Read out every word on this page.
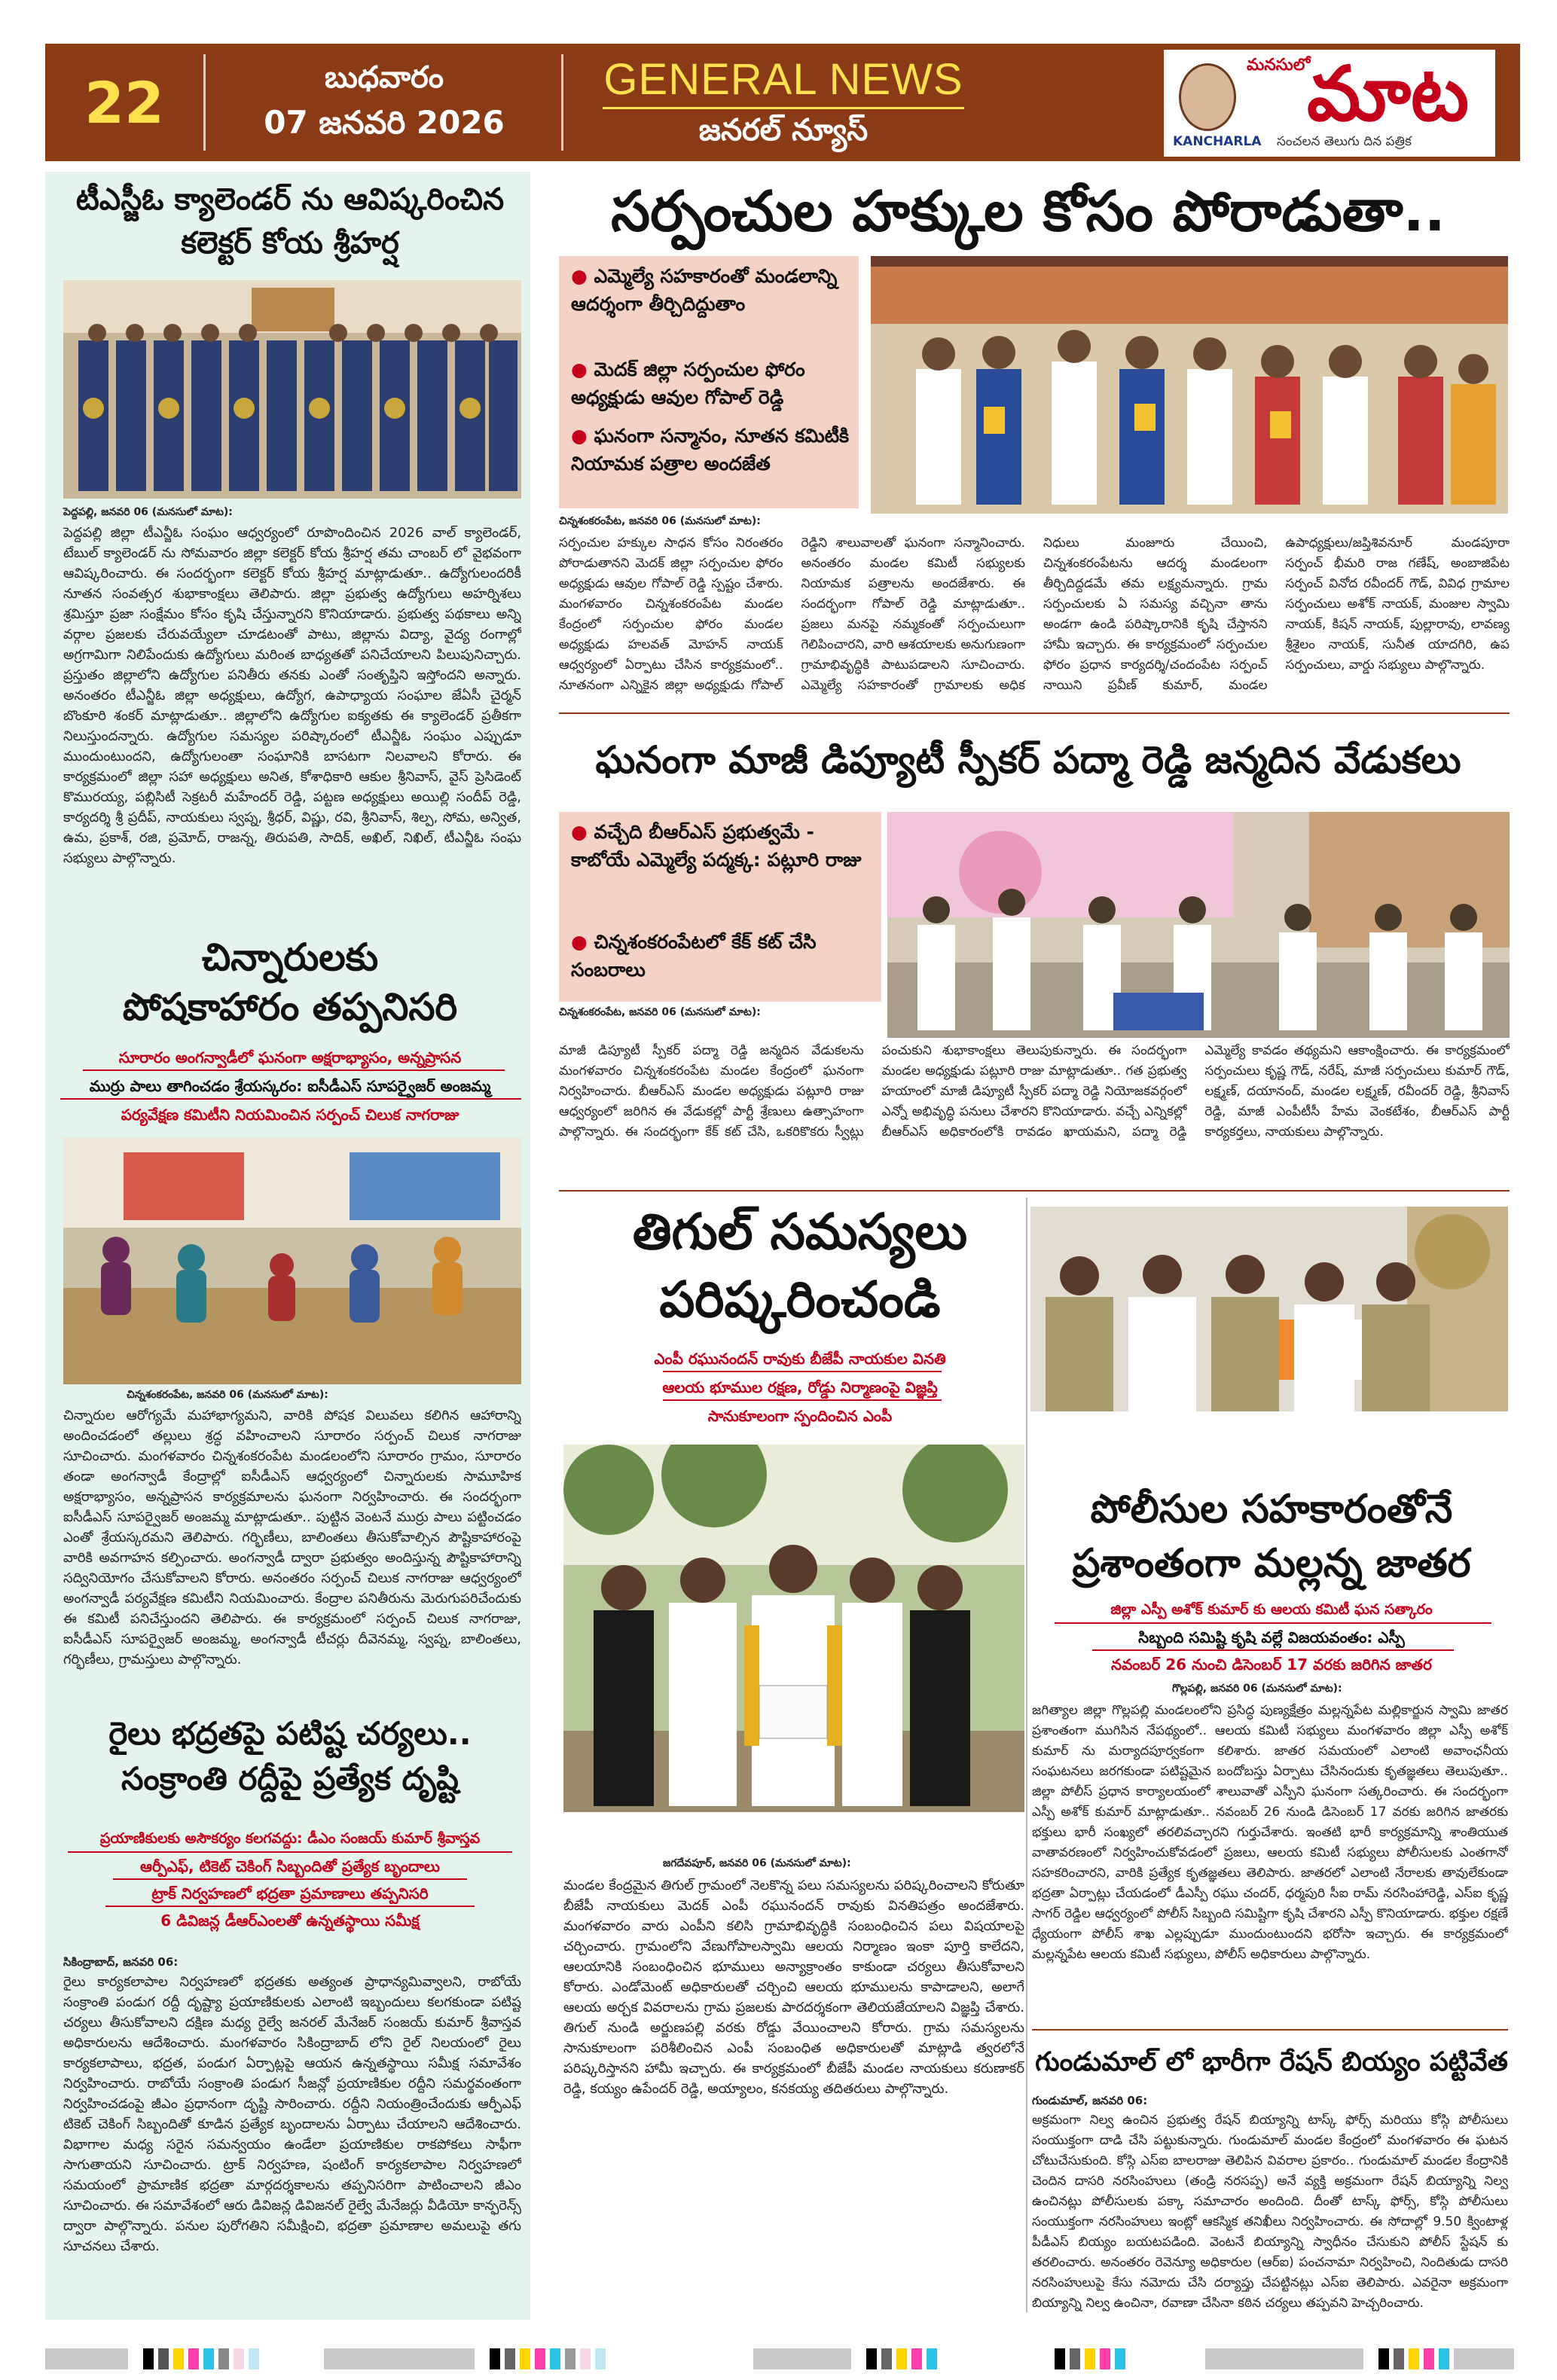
22	బుధవారం
07 జనవరి 2026
GENERAL NEWS
జనరల్ న్యూస్
మనసులో
మాట
KANCHARLA సంచలన తెలుగు దిన పత్రిక
టీఎస్జీఓ క్యాలెండర్ ను ఆవిష్కరించిన కలెక్టర్ కోయ శ్రీహర్ష
పెద్దపల్లి, జనవరి 06 (మనసులో మాట):
పెద్దపల్లి జిల్లా టీఎన్జీఓ సంఘం ఆధ్వర్యంలో రూపొందించిన 2026 వాల్ క్యాలెండర్, టేబుల్ క్యాలెండర్ ను సోమవారం జిల్లా కలెక్టర్ కోయ శ్రీహర్ష తమ చాంబర్ లో వైభవంగా ఆవిష్కరించారు. ఈ సందర్భంగా కలెక్టర్ కోయ శ్రీహర్ష మాట్లాడుతూ.. ఉద్యోగులందరికీ నూతన సంవత్సర శుభాకాంక్షలు తెలిపారు. జిల్లా ప్రభుత్వ ఉద్యోగులు అహర్నిశలు శ్రమిస్తూ ప్రజా సంక్షేమం కోసం కృషి చేస్తున్నారని కొనియాడారు. ప్రభుత్వ పథకాలు అన్ని వర్గాల ప్రజలకు చేరువయ్యేలా చూడటంతో పాటు, జిల్లాను విద్యా, వైద్య రంగాల్లో అగ్రగామిగా నిలిపేందుకు ఉద్యోగులు మరింత బాధ్యతతో పనిచేయాలని పిలుపునిచ్చారు. ప్రస్తుతం జిల్లాలోని ఉద్యోగుల పనితీరు తనకు ఎంతో సంతృప్తిని ఇస్తోందని అన్నారు. అనంతరం టీఎన్జీఓ జిల్లా అధ్యక్షులు, ఉద్యోగ, ఉపాధ్యాయ సంఘాల జేఏసీ చైర్మన్ బొంకూరి శంకర్ మాట్లాడుతూ.. జిల్లాలోని ఉద్యోగుల ఐక్యతకు ఈ క్యాలెండర్ ప్రతీకగా నిలుస్తుందన్నారు. ఉద్యోగుల సమస్యల పరిష్కారంలో టీఎన్జీఓ సంఘం ఎప్పుడూ ముందుంటుందని, ఉద్యోగులంతా సంఘానికి బాసటగా నిలవాలని కోరారు. ఈ కార్యక్రమంలో జిల్లా సహా అధ్యక్షులు అనిత, కోశాధికారి ఆకుల శ్రీనివాస్, వైస్ ప్రెసిడెంట్ కొమురయ్య, పబ్లిసిటీ సెక్రటరీ మహేందర్ రెడ్డి, పట్టణ అధ్యక్షులు అయిల్లి సందీప్ రెడ్డి, కార్యదర్శి శ్రీ ప్రదీప్, నాయకులు స్వప్న, శ్రీధర్, విష్ణు, రవి, శ్రీనివాస్, శిల్ప, సోమ, అన్విత, ఉమ, ప్రకాశ్, రజి, ప్రమోద్, రాజన్న, తిరుపతి, సాదిక్, అఖిల్, నిఖిల్, టీఎన్జీఓ సంఘ సభ్యులు పాల్గొన్నారు.
చిన్నారులకు
పోషకాహారం తప్పనిసరి
సూరారం అంగన్వాడీలో ఘనంగా అక్షరాభ్యాసం, అన్నప్రాసన
ముర్రు పాలు తాగించడం శ్రేయస్కరం: ఐసీడీఎస్ సూపర్వైజర్ అంజమ్మ
పర్యవేక్షణ కమిటీని నియమించిన సర్పంచ్ చిలుక నాగరాజు
చిన్నశంకరంపేట, జనవరి 06 (మనసులో మాట):
చిన్నారుల ఆరోగ్యమే మహాభాగ్యమని, వారికి పోషక విలువలు కలిగిన ఆహారాన్ని అందించడంలో తల్లులు శ్రద్ధ వహించాలని సూరారం సర్పంచ్ చిలుక నాగరాజు సూచించారు. మంగళవారం చిన్నశంకరంపేట మండలంలోని సూరారం గ్రామం, సూరారం తండా అంగన్వాడీ కేంద్రాల్లో ఐసీడీఎస్ ఆధ్వర్యంలో చిన్నారులకు సామూహిక అక్షరాభ్యాసం, అన్నప్రాసన కార్యక్రమాలను ఘనంగా నిర్వహించారు. ఈ సందర్భంగా ఐసీడీఎస్ సూపర్వైజర్ అంజమ్మ మాట్లాడుతూ.. పుట్టిన వెంటనే ముర్రు పాలు పట్టించడం ఎంతో శ్రేయస్కరమని తెలిపారు. గర్భిణీలు, బాలింతలు తీసుకోవాల్సిన పౌష్టికాహారంపై వారికి అవగాహన కల్పించారు. అంగన్వాడీ ద్వారా ప్రభుత్వం అందిస్తున్న పౌష్టికాహారాన్ని సద్వినియోగం చేసుకోవాలని కోరారు. అనంతరం సర్పంచ్ చిలుక నాగరాజు ఆధ్వర్యంలో అంగన్వాడీ పర్యవేక్షణ కమిటీని నియమించారు. కేంద్రాల పనితీరును మెరుగుపరిచేందుకు ఈ కమిటీ పనిచేస్తుందని తెలిపారు. ఈ కార్యక్రమంలో సర్పంచ్ చిలుక నాగరాజు, ఐసీడీఎస్ సూపర్వైజర్ అంజమ్మ, అంగన్వాడీ టీచర్లు దీవెనమ్మ, స్వప్న, బాలింతలు, గర్భిణీలు, గ్రామస్తులు పాల్గొన్నారు.
రైలు భద్రతపై పటిష్ట చర్యలు..
సంక్రాంతి రద్దీపై ప్రత్యేక దృష్టి
ప్రయాణికులకు అసౌకర్యం కలగవద్దు: డీఎం సంజయ్ కుమార్ శ్రీవాస్తవ
ఆర్పీఎఫ్, టికెట్ చెకింగ్ సిబ్బందితో ప్రత్యేక బృందాలు
ట్రాక్ నిర్వహణలో భద్రతా ప్రమాణాలు తప్పనిసరి
6 డివిజన్ల డీఆర్ఎంలతో ఉన్నతస్థాయి సమీక్ష
సికింద్రాబాద్, జనవరి 06:
రైలు కార్యకలాపాల నిర్వహణలో భద్రతకు అత్యంత ప్రాధాన్యమివ్వాలని, రాబోయే సంక్రాంతి పండుగ రద్దీ దృష్ట్యా ప్రయాణికులకు ఎలాంటి ఇబ్బందులు కలగకుండా పటిష్ట చర్యలు తీసుకోవాలని దక్షిణ మధ్య రైల్వే జనరల్ మేనేజర్ సంజయ్ కుమార్ శ్రీవాస్తవ అధికారులను ఆదేశించారు. మంగళవారం సికింద్రాబాద్ లోని రైల్ నిలయంలో రైలు కార్యకలాపాలు, భద్రత, పండుగ ఏర్పాట్లపై ఆయన ఉన్నతస్థాయి సమీక్ష సమావేశం నిర్వహించారు. రాబోయే సంక్రాంతి పండుగ సీజన్లో ప్రయాణికుల రద్దీని సమర్థవంతంగా నిర్వహించడంపై జీఎం ప్రధానంగా దృష్టి సారించారు. రద్దీని నియంత్రించేందుకు ఆర్పీఎఫ్ టికెట్ చెకింగ్ సిబ్బందితో కూడిన ప్రత్యేక బృందాలను ఏర్పాటు చేయాలని ఆదేశించారు. విభాగాల మధ్య సరైన సమన్వయం ఉండేలా ప్రయాణికుల రాకపోకలు సాఫీగా సాగుతాయని సూచించారు. ట్రాక్ నిర్వహణ, షంటింగ్ కార్యకలాపాల నిర్వహణలో సమయంలో ప్రామాణిక భద్రతా మార్గదర్శకాలను తప్పనిసరిగా పాటించాలని జీఎం సూచించారు. ఈ సమావేశంలో ఆరు డివిజన్ల డివిజనల్ రైల్వే మేనేజర్లు వీడియో కాన్ఫరెన్స్ ద్వారా పాల్గొన్నారు. పనుల పురోగతిని సమీక్షించి, భద్రతా ప్రమాణాల అమలుపై తగు సూచనలు చేశారు.
సర్పంచుల హక్కుల కోసం పోరాడుతా..
● ఎమ్మెల్యే సహకారంతో మండలాన్ని ఆదర్శంగా తీర్చిదిద్దుతాం
● మెదక్ జిల్లా సర్పంచుల ఫోరం అధ్యక్షుడు ఆవుల గోపాల్ రెడ్డి
● ఘనంగా సన్మానం, నూతన కమిటీకి నియామక పత్రాల అందజేత
చిన్నశంకరంపేట, జనవరి 06 (మనసులో మాట):
సర్పంచుల హక్కుల సాధన కోసం నిరంతరం పోరాడుతానని మెదక్ జిల్లా సర్పంచుల ఫోరం అధ్యక్షుడు ఆవుల గోపాల్ రెడ్డి స్పష్టం చేశారు. మంగళవారం చిన్నశంకరంపేట మండల కేంద్రంలో సర్పంచుల ఫోరం మండల అధ్యక్షుడు హలవత్ మోహన్ నాయక్ ఆధ్వర్యంలో ఏర్పాటు చేసిన కార్యక్రమంలో.. నూతనంగా ఎన్నికైన జిల్లా అధ్యక్షుడు గోపాల్ రెడ్డిని శాలువాలతో ఘనంగా సన్మానించారు. అనంతరం మండల కమిటీ సభ్యులకు నియామక పత్రాలను అందజేశారు. ఈ సందర్భంగా గోపాల్ రెడ్డి మాట్లాడుతూ.. ప్రజలు మనపై నమ్మకంతో సర్పంచులుగా గెలిపించారని, వారి ఆశయాలకు అనుగుణంగా గ్రామాభివృద్ధికి పాటుపడాలని సూచించారు. ఎమ్మెల్యే సహకారంతో గ్రామాలకు అధిక నిధులు మంజూరు చేయించి, చిన్నశంకరంపేటను ఆదర్శ మండలంగా తీర్చిదిద్దడమే తమ లక్ష్యమన్నారు. గ్రామ సర్పంచులకు ఏ సమస్య వచ్చినా తాను అండగా ఉండి పరిష్కారానికి కృషి చేస్తానని హామీ ఇచ్చారు. ఈ కార్యక్రమంలో సర్పంచుల ఫోరం ప్రధాన కార్యదర్శి/చందంపేట సర్పంచ్ నాయిని ప్రవీణ్ కుమార్, మండల ఉపాధ్యక్షులు/జప్తిశివనూర్ మండపూరా సర్పంచ్ భీమరి రాజ గణేష్, అంబాజిపేట సర్పంచ్ వినోద రవీందర్ గౌడ్, వివిధ గ్రామాల సర్పంచులు అశోక్ నాయక్, మంజుల స్వామి నాయక్, కిషన్ నాయక్, పుల్లారావు, లావణ్య శ్రీశైలం నాయక్, సునీత యాదగిరి, ఉప సర్పంచులు, వార్డు సభ్యులు పాల్గొన్నారు.
ఘనంగా మాజీ డిప్యూటీ స్పీకర్ పద్మా రెడ్డి జన్మదిన వేడుకలు
● వచ్చేది బీఆర్ఎస్ ప్రభుత్వమే - కాబోయే ఎమ్మెల్యే పద్మక్క: పట్లూరి రాజు
● చిన్నశంకరంపేటలో కేక్ కట్ చేసి సంబరాలు
చిన్నశంకరంపేట, జనవరి 06 (మనసులో మాట):
మాజీ డిప్యూటీ స్పీకర్ పద్మా రెడ్డి జన్మదిన వేడుకలను మంగళవారం చిన్నశంకరంపేట మండల కేంద్రంలో ఘనంగా నిర్వహించారు. బీఆర్ఎస్ మండల అధ్యక్షుడు పట్లూరి రాజు ఆధ్వర్యంలో జరిగిన ఈ వేడుకల్లో పార్టీ శ్రేణులు ఉత్సాహంగా పాల్గొన్నారు. ఈ సందర్భంగా కేక్ కట్ చేసి, ఒకరికొకరు స్వీట్లు పంచుకుని శుభాకాంక్షలు తెలుపుకున్నారు. ఈ సందర్భంగా మండల అధ్యక్షుడు పట్లూరి రాజు మాట్లాడుతూ.. గత ప్రభుత్వ హయాంలో మాజీ డిప్యూటీ స్పీకర్ పద్మా రెడ్డి నియోజకవర్గంలో ఎన్నో అభివృద్ధి పనులు చేశారని కొనియాడారు. వచ్చే ఎన్నికల్లో బీఆర్ఎస్ అధికారంలోకి రావడం ఖాయమని, పద్మా రెడ్డి ఎమ్మెల్యే కావడం తథ్యమని ఆకాంక్షించారు. ఈ కార్యక్రమంలో సర్పంచులు కృష్ణ గౌడ్, నరేష్, మాజీ సర్పంచులు కుమార్ గౌడ్, లక్ష్మణ్, దయానంద్, మండల లక్ష్మణ్, రవీందర్ రెడ్డి, శ్రీనివాస్ రెడ్డి, మాజీ ఎంపీటీసీ హేమ వెంకటేశం, బీఆర్ఎస్ పార్టీ కార్యకర్తలు, నాయకులు పాల్గొన్నారు.
తిగుల్ సమస్యలు
పరిష్కరించండి
ఎంపీ రఘునందన్ రావుకు బీజేపీ నాయకుల వినతి
ఆలయ భూముల రక్షణ, రోడ్డు నిర్మాణంపై విజ్ఞప్తి
సానుకూలంగా స్పందించిన ఎంపీ
జగదేవపూర్, జనవరి 06 (మనసులో మాట):
మండల కేంద్రమైన తిగుల్ గ్రామంలో నెలకొన్న పలు సమస్యలను పరిష్కరించాలని కోరుతూ బీజేపీ నాయకులు మెదక్ ఎంపీ రఘునందన్ రావుకు వినతిపత్రం అందజేశారు. మంగళవారం వారు ఎంపీని కలిసి గ్రామాభివృద్ధికి సంబంధించిన పలు విషయాలపై చర్చించారు. గ్రామంలోని వేణుగోపాలస్వామి ఆలయ నిర్మాణం ఇంకా పూర్తి కాలేదని, ఆలయానికి సంబంధించిన భూములు అన్యాక్రాంతం కాకుండా చర్యలు తీసుకోవాలని కోరారు. ఎండోమెంట్ అధికారులతో చర్చించి ఆలయ భూములను కాపాడాలని, అలాగే ఆలయ అర్చక వివరాలను గ్రామ ప్రజలకు పారదర్శకంగా తెలియజేయాలని విజ్ఞప్తి చేశారు. తిగుల్ నుండి అర్జుణపల్లి వరకు రోడ్డు వేయించాలని కోరారు. గ్రామ సమస్యలను సానుకూలంగా పరిశీలించిన ఎంపీ సంబంధిత అధికారులతో మాట్లాడి త్వరలోనే పరిష్కరిస్తానని హామీ ఇచ్చారు. ఈ కార్యక్రమంలో బీజేపీ మండల నాయకులు కరుణాకర్ రెడ్డి, కయ్యం ఉపేందర్ రెడ్డి, అయ్యాలం, కనకయ్య తదితరులు పాల్గొన్నారు.
పోలీసుల సహకారంతోనే
ప్రశాంతంగా మల్లన్న జాతర
జిల్లా ఎస్పీ అశోక్ కుమార్ కు ఆలయ కమిటీ ఘన సత్కారం
సిబ్బంది సమిష్టి కృషి వల్లే విజయవంతం: ఎస్పీ
నవంబర్ 26 నుంచి డిసెంబర్ 17 వరకు జరిగిన జాతర
గొల్లపల్లి, జనవరి 06 (మనసులో మాట):
జగిత్యాల జిల్లా గొల్లపల్లి మండలంలోని ప్రసిద్ధ పుణ్యక్షేత్రం మల్లన్నపేట మల్లికార్జున స్వామి జాతర ప్రశాంతంగా ముగిసిన నేపథ్యంలో.. ఆలయ కమిటీ సభ్యులు మంగళవారం జిల్లా ఎస్పీ అశోక్ కుమార్ ను మర్యాదపూర్వకంగా కలిశారు. జాతర సమయంలో ఎలాంటి అవాంఛనీయ సంఘటనలు జరగకుండా పటిష్టమైన బందోబస్తు ఏర్పాటు చేసినందుకు కృతజ్ఞతలు తెలుపుతూ.. జిల్లా పోలీస్ ప్రధాన కార్యాలయంలో శాలువాతో ఎస్పీని ఘనంగా సత్కరించారు. ఈ సందర్భంగా ఎస్పీ అశోక్ కుమార్ మాట్లాడుతూ.. నవంబర్ 26 నుండి డిసెంబర్ 17 వరకు జరిగిన జాతరకు భక్తులు భారీ సంఖ్యలో తరలివచ్చారని గుర్తుచేశారు. ఇంతటి భారీ కార్యక్రమాన్ని శాంతియుత వాతావరణంలో నిర్వహించుకోవడంలో ప్రజలు, ఆలయ కమిటీ సభ్యులు పోలీసులకు ఎంతగానో సహకరించారని, వారికి ప్రత్యేక కృతజ్ఞతలు తెలిపారు. జాతరలో ఎలాంటి నేరాలకు తావులేకుండా భద్రతా ఏర్పాట్లు చేయడంలో డీఎస్పీ రఘు చందర్, ధర్మపురి సీఐ రామ్ నరసింహారెడ్డి, ఎస్ఐ కృష్ణ సాగర్ రెడ్డిల ఆధ్వర్యంలో పోలీస్ సిబ్బంది సమిష్టిగా కృషి చేశారని ఎస్పీ కొనియాడారు. భక్తుల రక్షణే ధ్యేయంగా పోలీస్ శాఖ ఎల్లప్పుడూ ముందుంటుందని భరోసా ఇచ్చారు. ఈ కార్యక్రమంలో మల్లన్నపేట ఆలయ కమిటీ సభ్యులు, పోలీస్ అధికారులు పాల్గొన్నారు.
గుండుమాల్ లో భారీగా రేషన్ బియ్యం పట్టివేత
గుండుమాల్, జనవరి 06:
అక్రమంగా నిల్వ ఉంచిన ప్రభుత్వ రేషన్ బియ్యాన్ని టాస్క్ ఫోర్స్ మరియు కోస్గి పోలీసులు సంయుక్తంగా దాడి చేసి పట్టుకున్నారు. గుండుమాల్ మండల కేంద్రంలో మంగళవారం ఈ ఘటన చోటుచేసుకుంది. కోస్గి ఎస్ఐ బాలరాజు తెలిపిన వివరాల ప్రకారం.. గుండుమాల్ మండల కేంద్రానికి చెందిన దాసరి నరసింహులు (తండ్రి నరసప్ప) అనే వ్యక్తి అక్రమంగా రేషన్ బియ్యాన్ని నిల్వ ఉంచినట్లు పోలీసులకు పక్కా సమాచారం అందింది. దీంతో టాస్క్ ఫోర్స్, కోస్గి పోలీసులు సంయుక్తంగా నరసింహులు ఇంట్లో ఆకస్మిక తనిఖీలు నిర్వహించారు. ఈ సోదాల్లో 9.50 క్వింటాళ్ల పీడీఎస్ బియ్యం బయటపడింది. వెంటనే బియ్యాన్ని స్వాధీనం చేసుకుని పోలీస్ స్టేషన్ కు తరలించారు. అనంతరం రెవెన్యూ అధికారుల (ఆర్ఐ) పంచనామా నిర్వహించి, నిందితుడు దాసరి నరసింహులుపై కేసు నమోదు చేసి దర్యాప్తు చేపట్టినట్లు ఎస్ఐ తెలిపారు. ఎవరైనా అక్రమంగా బియ్యాన్ని నిల్వ ఉంచినా, రవాణా చేసినా కఠిన చర్యలు తప్పవని హెచ్చరించారు.
